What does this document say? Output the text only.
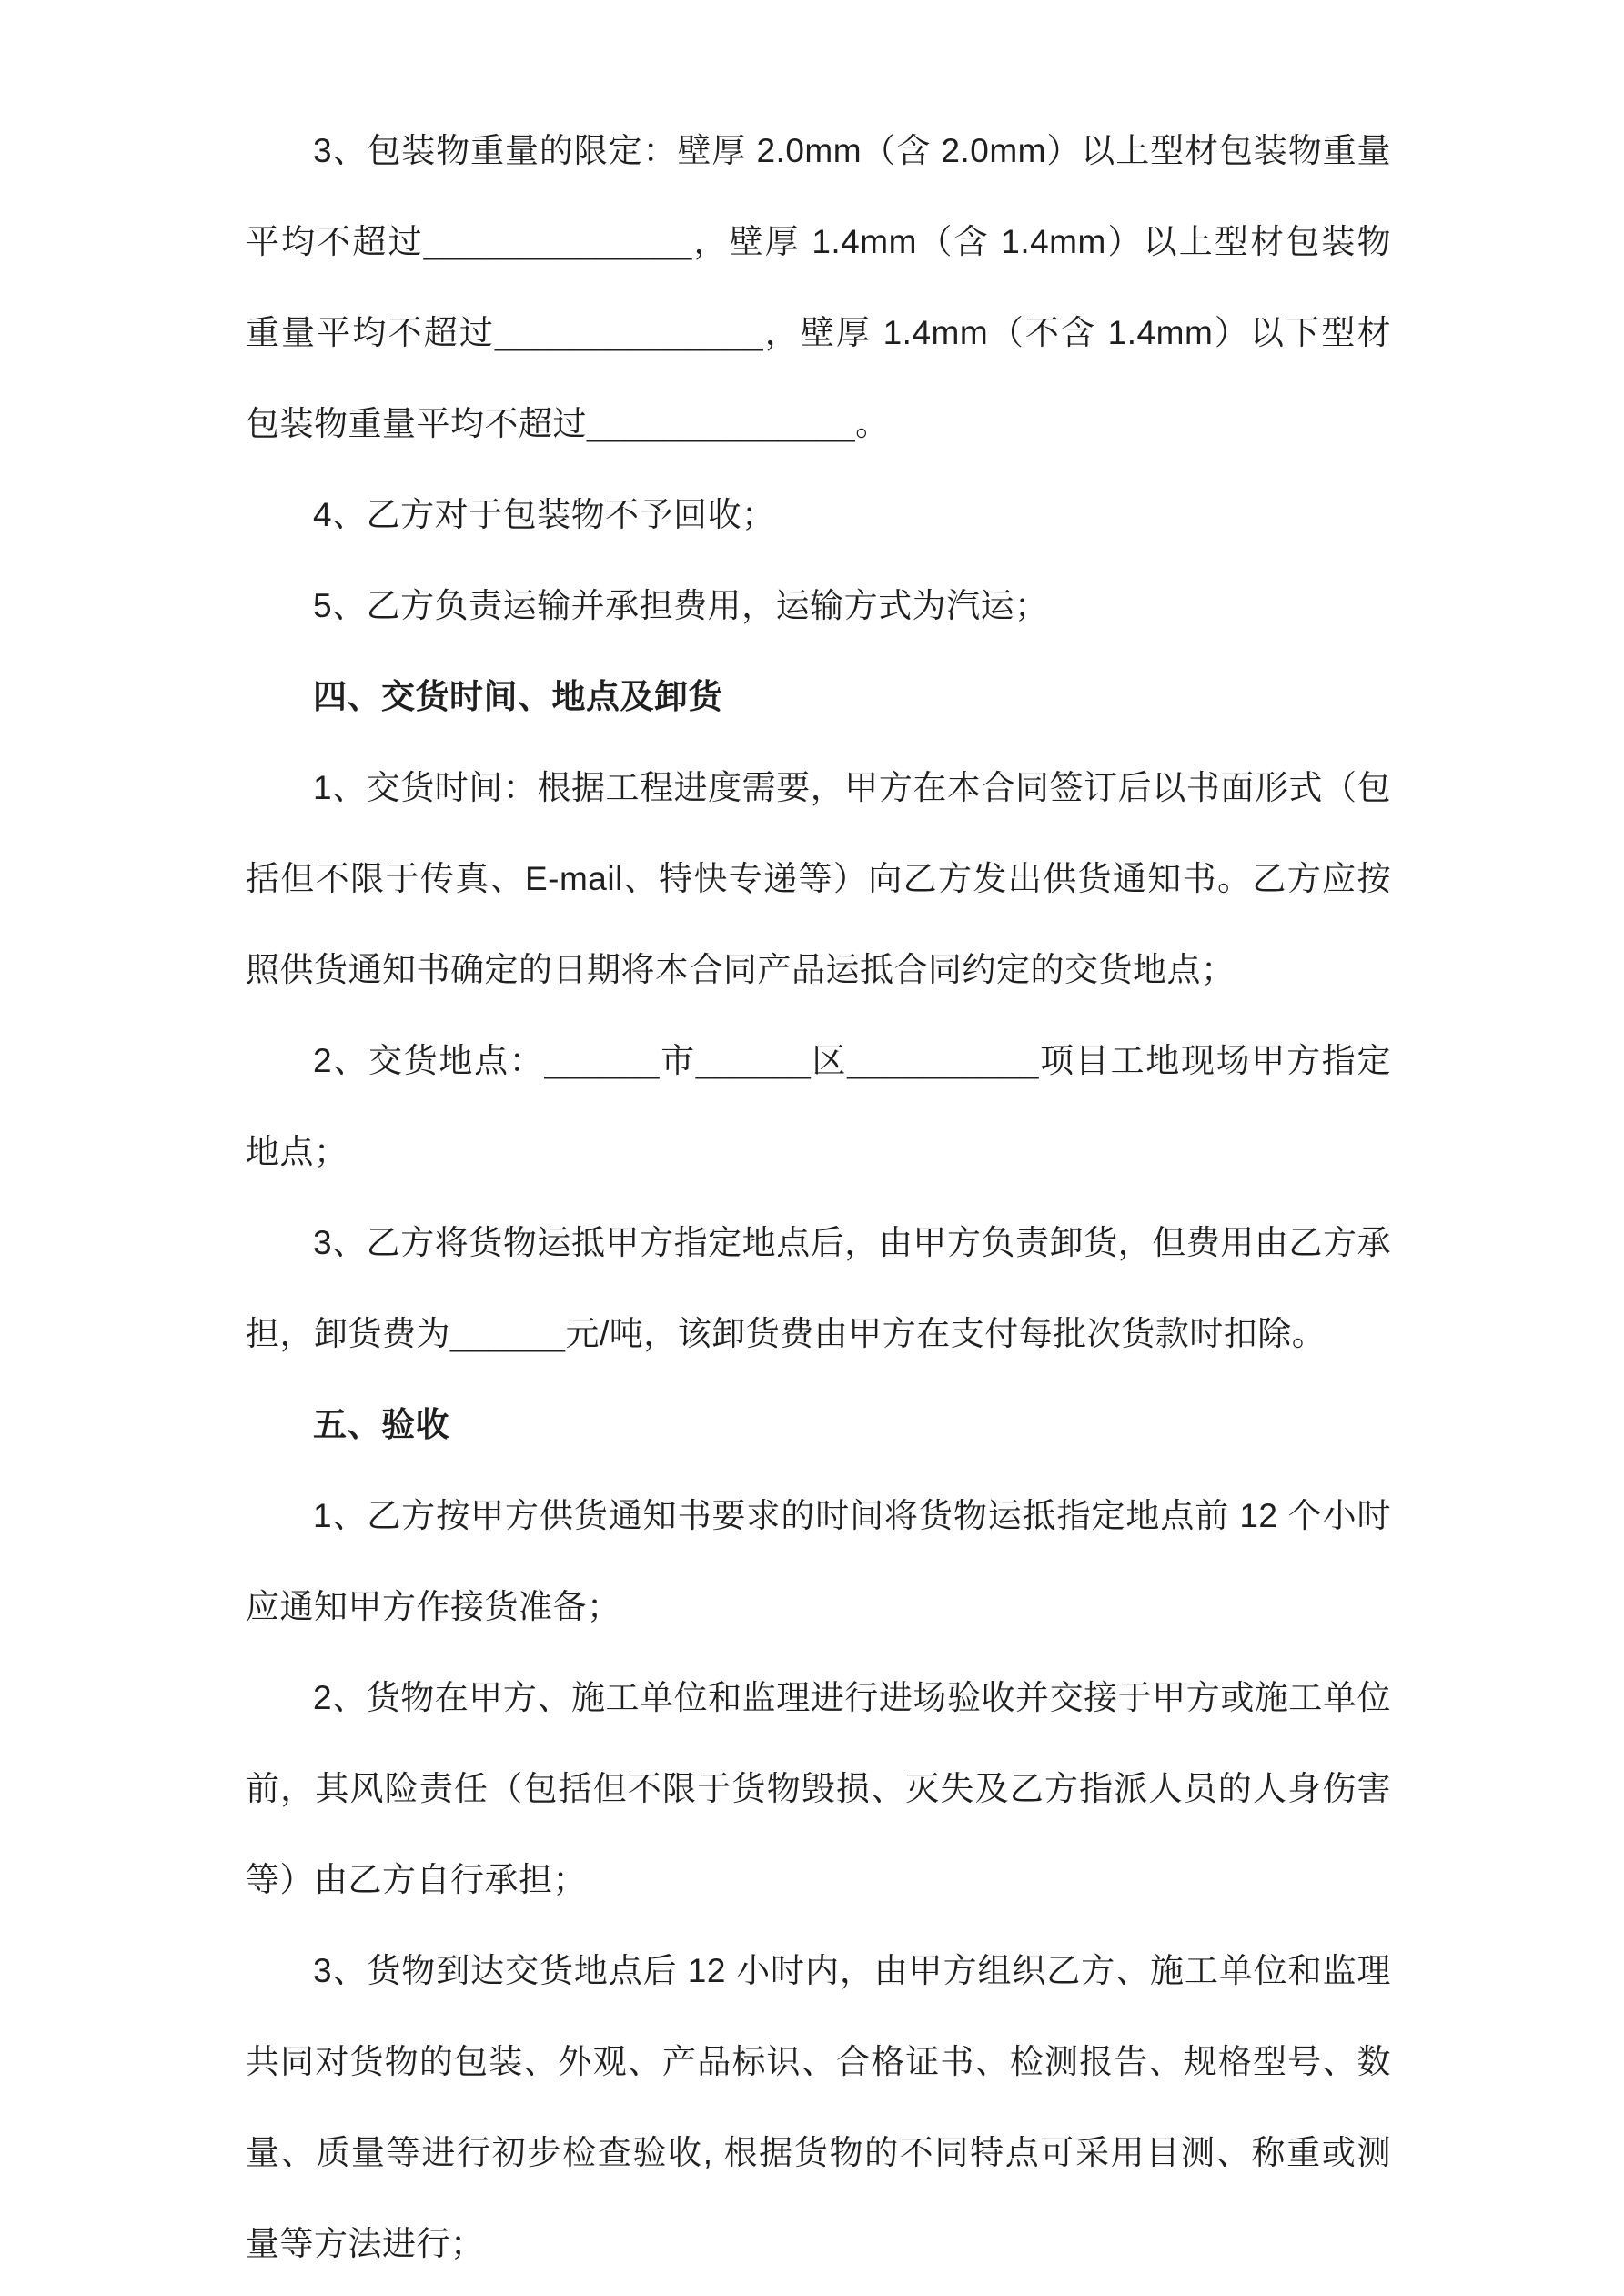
3、包装物重量的限定：壁厚 2.0mm（含 2.0mm）以上型材包装物重量平均不超过______________，壁厚 1.4mm（含 1.4mm）以上型材包装物重量平均不超过______________，壁厚 1.4mm（不含 1.4mm）以下型材包装物重量平均不超过______________。

4、乙方对于包装物不予回收；

5、乙方负责运输并承担费用，运输方式为汽运；

四、交货时间、地点及卸货

1、交货时间：根据工程进度需要，甲方在本合同签订后以书面形式（包括但不限于传真、E-mail、特快专递等）向乙方发出供货通知书。乙方应按照供货通知书确定的日期将本合同产品运抵合同约定的交货地点；

2、交货地点：______市______区__________项目工地现场甲方指定地点；

3、乙方将货物运抵甲方指定地点后，由甲方负责卸货，但费用由乙方承担，卸货费为______元/吨，该卸货费由甲方在支付每批次货款时扣除。

五、验收

1、乙方按甲方供货通知书要求的时间将货物运抵指定地点前 12 个小时应通知甲方作接货准备；

2、货物在甲方、施工单位和监理进行进场验收并交接于甲方或施工单位前，其风险责任（包括但不限于货物毁损、灭失及乙方指派人员的人身伤害等）由乙方自行承担；

3、货物到达交货地点后 12 小时内，由甲方组织乙方、施工单位和监理共同对货物的包装、外观、产品标识、合格证书、检测报告、规格型号、数量、质量等进行初步检查验收, 根据货物的不同特点可采用目测、称重或测量等方法进行；
